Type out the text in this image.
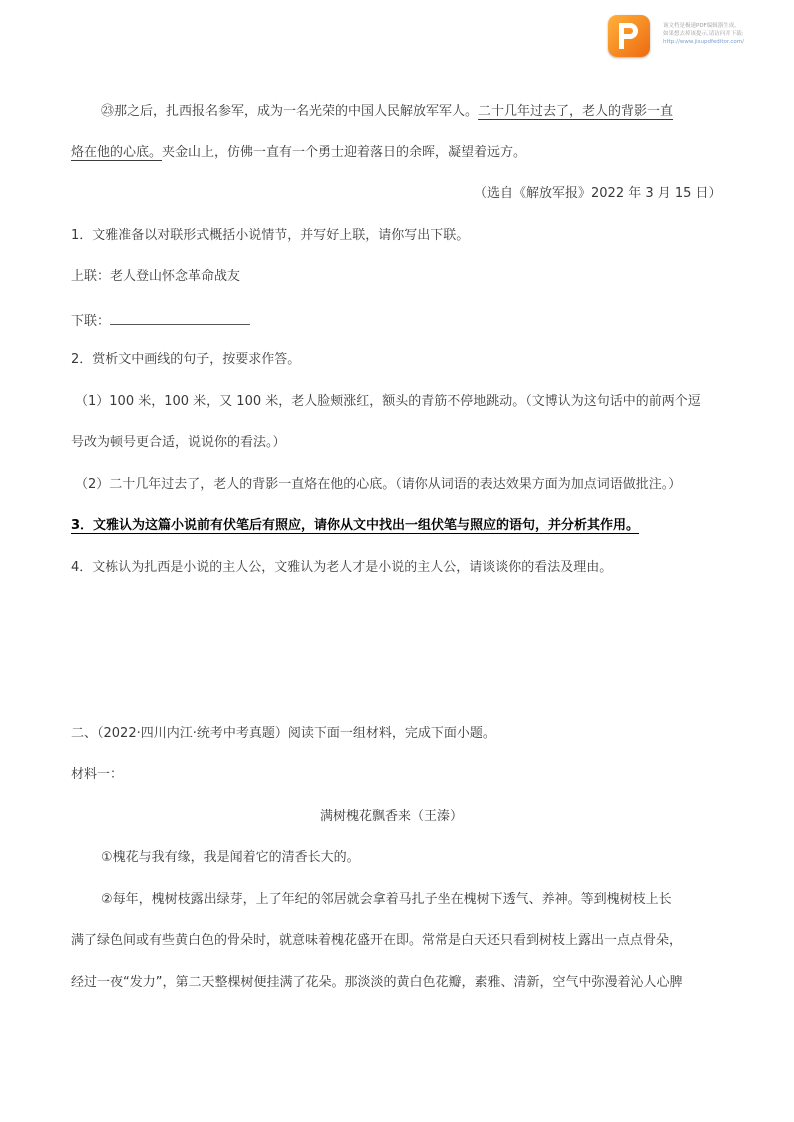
该文档是极速PDF编辑器生成,
如果想去掉该提示,请访问并下载:
http://www.jisupdfeditor.com/
㉓那之后，扎西报名参军，成为一名光荣的中国人民解放军军人。二十几年过去了，老人的背影一直
烙在他的心底。夹金山上，仿佛一直有一个勇士迎着落日的余晖，凝望着远方。
（选自《解放军报》2022 年 3 月 15 日）
1．文雅准备以对联形式概括小说情节，并写好上联，请你写出下联。
上联：老人登山怀念革命战友
下联：
2．赏析文中画线的句子，按要求作答。
（1）100 米，100 米，又 100 米，老人脸颊涨红，额头的青筋不停地跳动。（文博认为这句话中的前两个逗
号改为顿号更合适，说说你的看法。）
（2）二十几年过去了，老人的背影一直烙在他的心底。（请你从词语的表达效果方面为加点词语做批注。）
3．文雅认为这篇小说前有伏笔后有照应，请你从文中找出一组伏笔与照应的语句，并分析其作用。
4．文栋认为扎西是小说的主人公，文雅认为老人才是小说的主人公，请谈谈你的看法及理由。
二、（2022·四川内江·统考中考真题）阅读下面一组材料，完成下面小题。
材料一：
满树槐花飘香来（王溱）
①槐花与我有缘，我是闻着它的清香长大的。
②每年，槐树枝露出绿芽，上了年纪的邻居就会拿着马扎子坐在槐树下透气、养神。等到槐树枝上长
满了绿色间或有些黄白色的骨朵时，就意味着槐花盛开在即。常常是白天还只看到树枝上露出一点点骨朵，
经过一夜“发力”，第二天整棵树便挂满了花朵。那淡淡的黄白色花瓣，素雅、清新，空气中弥漫着沁人心脾
